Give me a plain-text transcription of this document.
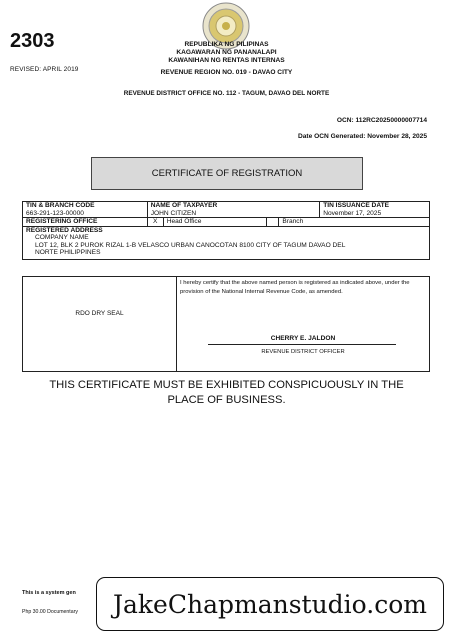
2303
REVISED: APRIL 2019
REPUBLIKA NG PILIPINAS
KAGAWARAN NG PANANALAPI
KAWANIHAN NG RENTAS INTERNAS
REVENUE REGION NO. 019 - DAVAO CITY
REVENUE DISTRICT OFFICE NO. 112 - TAGUM, DAVAO DEL NORTE
OCN: 112RC20250000007714
Date OCN Generated: November 28, 2025
CERTIFICATE OF REGISTRATION
TIN & BRANCH CODE	NAME OF TAXPAYER				TIN ISSUANCE DATE
663-291-123-00000	JOHN CITIZEN				November 17, 2025
REGISTERING OFFICE	X	Head Office		Branch	

REGISTERED ADDRESS
COMPANY NAME
LOT 12, BLK 2 PUROK RIZAL 1-B VELASCO URBAN CANOCOTAN 8100 CITY OF TAGUM DAVAO DEL
NORTE PHILIPPINES					
RDO DRY SEAL
I hereby certify that the above named person is registered as indicated above, under the provision of the National Internal Revenue Code, as amended.
CHERRY E. JALDON
REVENUE DISTRICT OFFICER
THIS CERTIFICATE MUST BE EXHIBITED CONSPICUOUSLY IN THE
PLACE OF BUSINESS.
This is a system gen
Php 30.00 Documentary JakeChapmanstudio.com
